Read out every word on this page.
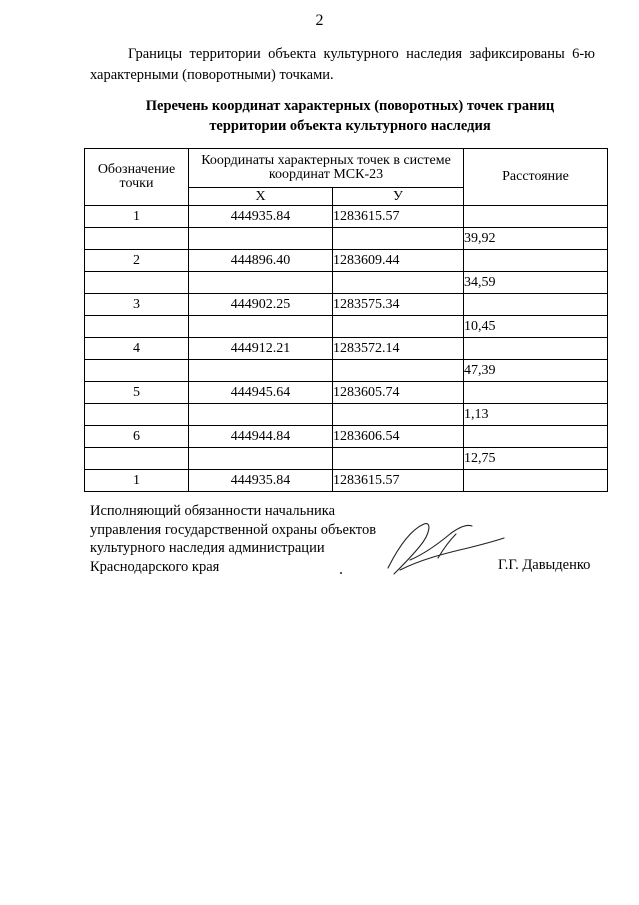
2
Границы территории объекта культурного наследия зафиксированы 6-ю характерными (поворотными) точками.
Перечень координат характерных (поворотных) точек границ
территории объекта культурного наследия
Обозначение точки	Координаты характерных точек в системе координат МСК-23		Расстояние
	Х	У	
1	444935.84	1283615.57	
			39,92
2	444896.40	1283609.44	
			34,59
3	444902.25	1283575.34	
			10,45
4	444912.21	1283572.14	
			47,39
5	444945.64	1283605.74	
			1,13
6	444944.84	1283606.54	
			12,75
1	444935.84	1283615.57	
Исполняющий обязанности начальника
управления государственной охраны объектов
культурного наследия администрации
Краснодарского края	Г.Г. Давыденко
